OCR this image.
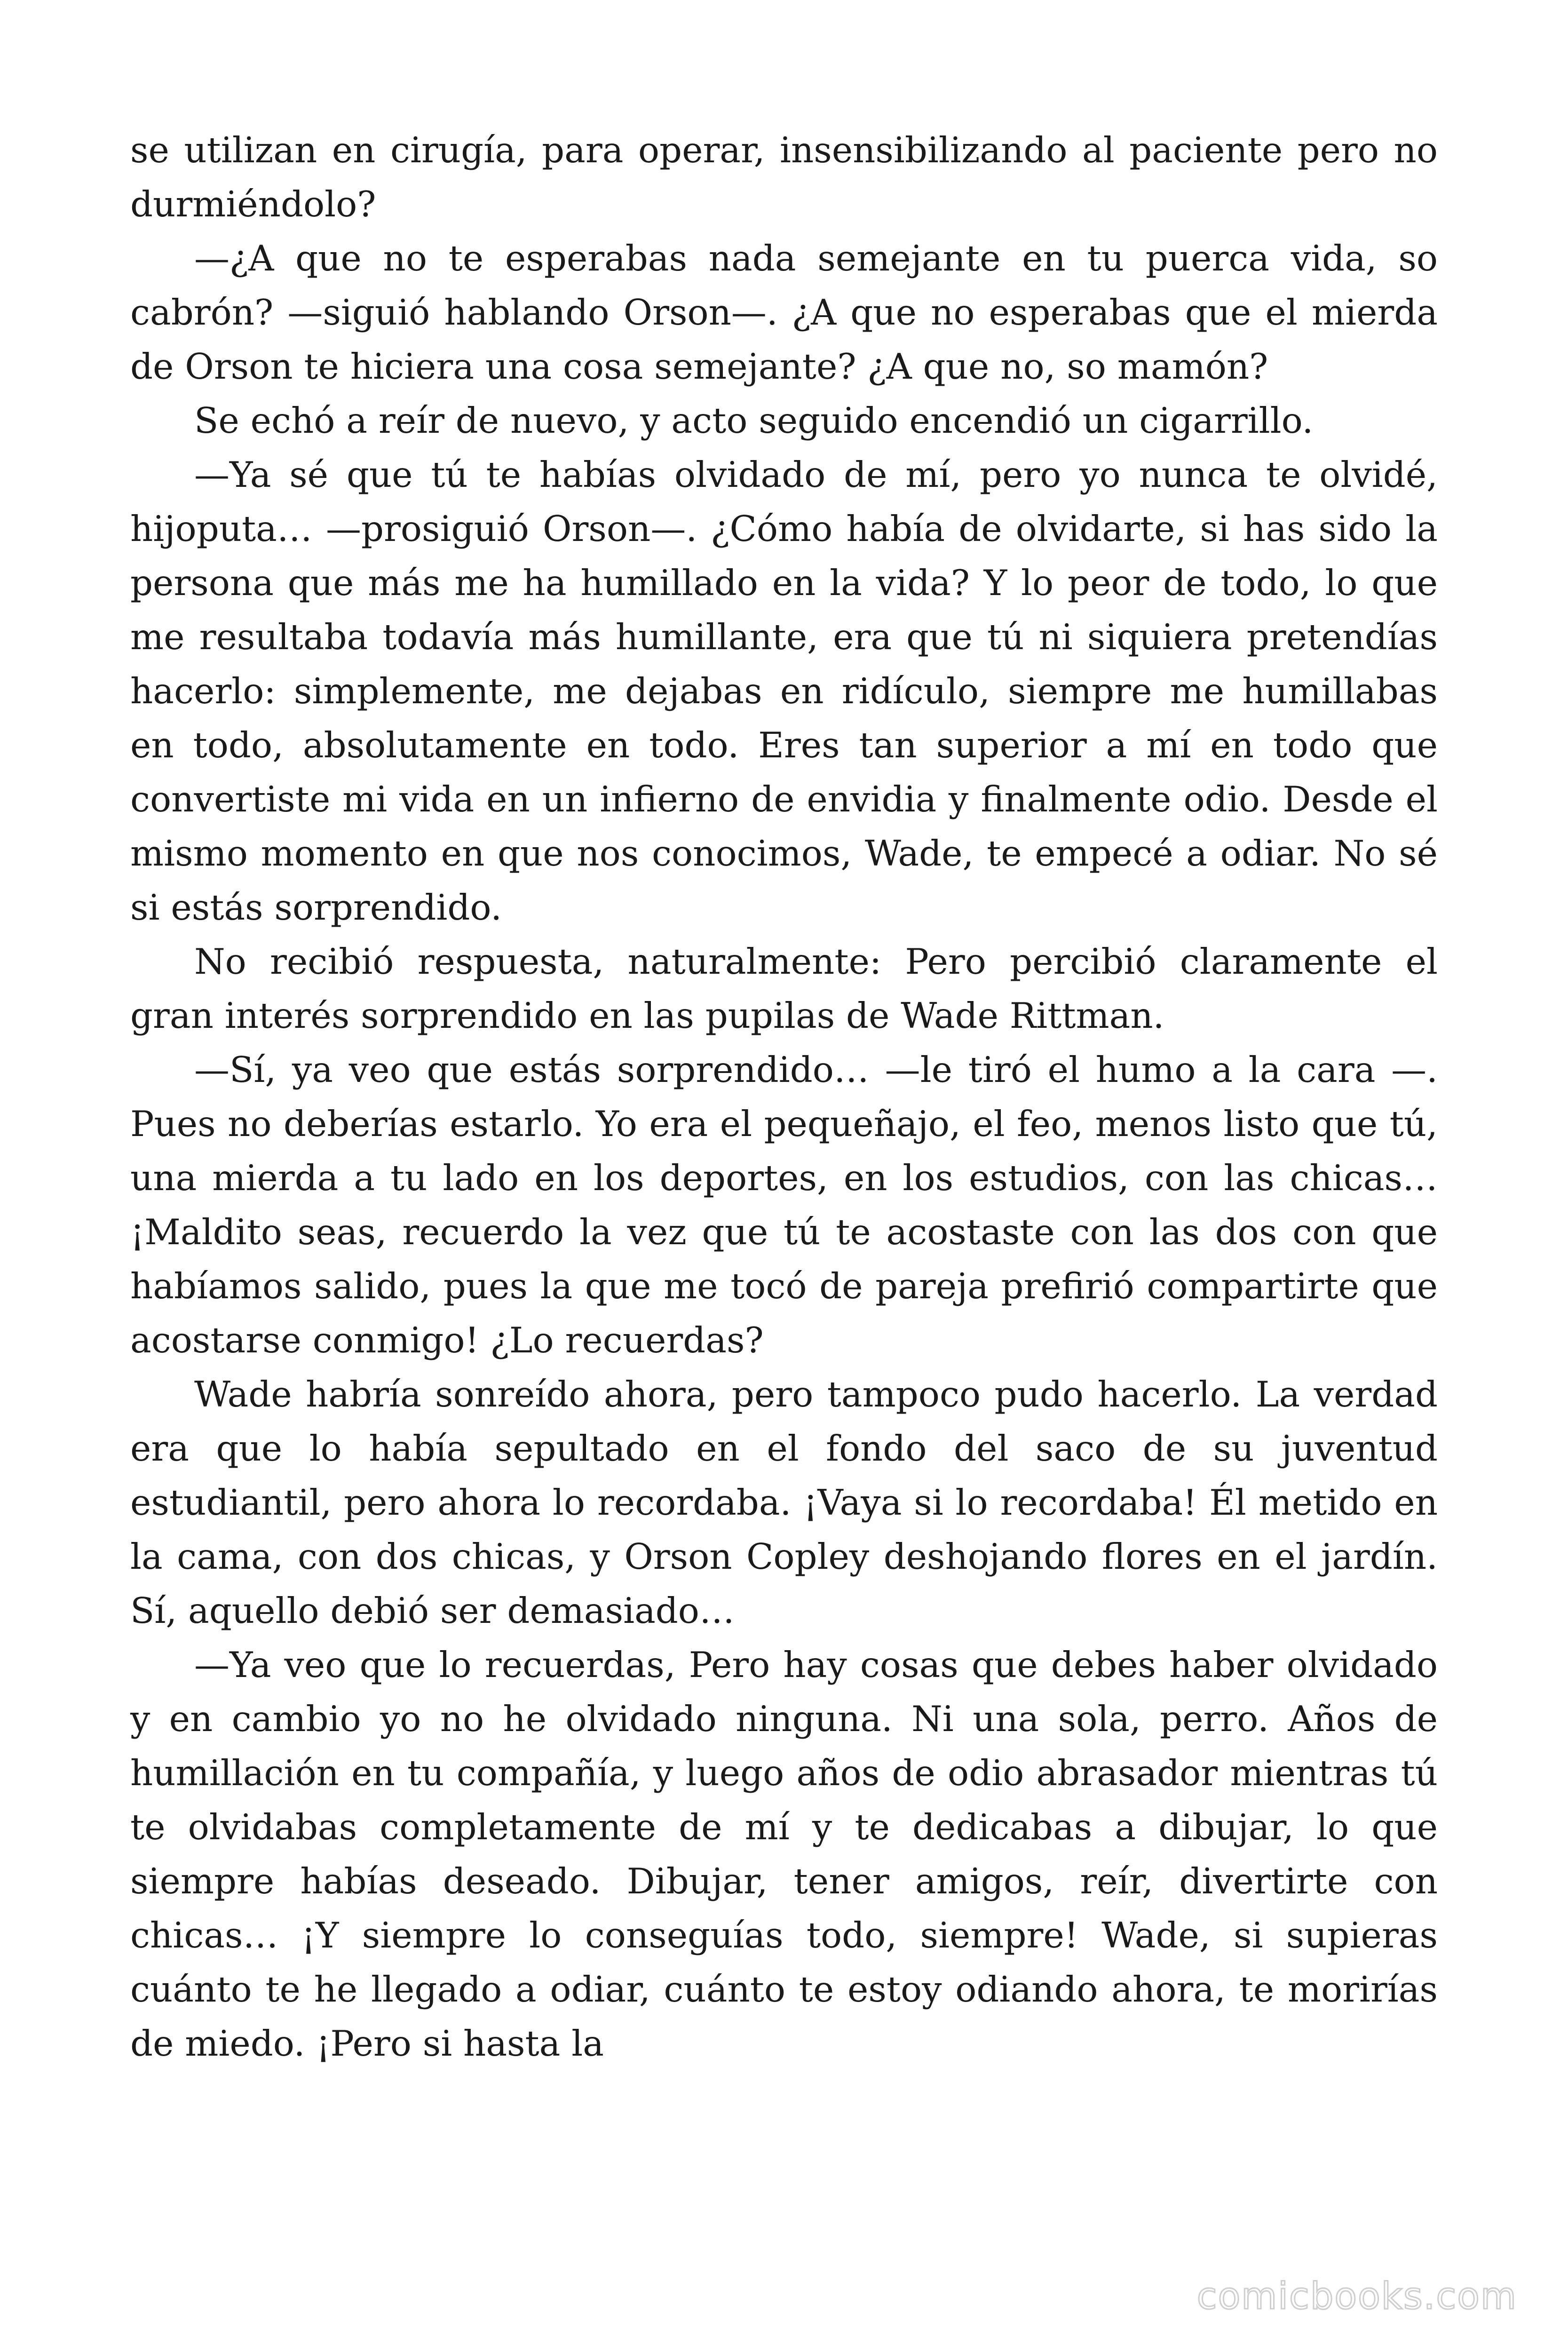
se utilizan en cirugía, para operar, insensibilizando al paciente pero no durmiéndolo?

—¿A que no te esperabas nada semejante en tu puerca vida, so cabrón? —siguió hablando Orson—. ¿A que no esperabas que el mierda de Orson te hiciera una cosa semejante? ¿A que no, so mamón?

Se echó a reír de nuevo, y acto seguido encendió un cigarrillo.

—Ya sé que tú te habías olvidado de mí, pero yo nunca te olvidé, hijoputa… —prosiguió Orson—. ¿Cómo había de olvidarte, si has sido la persona que más me ha humillado en la vida? Y lo peor de todo, lo que me resultaba todavía más humillante, era que tú ni siquiera pretendías hacerlo: simplemente, me dejabas en ridículo, siempre me humillabas en todo, absolutamente en todo. Eres tan superior a mí en todo que convertiste mi vida en un infierno de envidia y finalmente odio. Desde el mismo momento en que nos conocimos, Wade, te empecé a odiar. No sé si estás sorprendido.

No recibió respuesta, naturalmente: Pero percibió claramente el gran interés sorprendido en las pupilas de Wade Rittman.

—Sí, ya veo que estás sorprendido… —le tiró el humo a la cara —. Pues no deberías estarlo. Yo era el pequeñajo, el feo, menos listo que tú, una mierda a tu lado en los deportes, en los estudios, con las chicas… ¡Maldito seas, recuerdo la vez que tú te acostaste con las dos con que habíamos salido, pues la que me tocó de pareja prefirió compartirte que acostarse conmigo! ¿Lo recuerdas?

Wade habría sonreído ahora, pero tampoco pudo hacerlo. La verdad era que lo había sepultado en el fondo del saco de su juventud estudiantil, pero ahora lo recordaba. ¡Vaya si lo recordaba! Él metido en la cama, con dos chicas, y Orson Copley deshojando flores en el jardín. Sí, aquello debió ser demasiado…

—Ya veo que lo recuerdas, Pero hay cosas que debes haber olvidado y en cambio yo no he olvidado ninguna. Ni una sola, perro. Años de humillación en tu compañía, y luego años de odio abrasador mientras tú te olvidabas completamente de mí y te dedicabas a dibujar, lo que siempre habías deseado. Dibujar, tener amigos, reír, divertirte con chicas… ¡Y siempre lo conseguías todo, siempre! Wade, si supieras cuánto te he llegado a odiar, cuánto te estoy odiando ahora, te morirías de miedo. ¡Pero si hasta la

comicbooks.com
